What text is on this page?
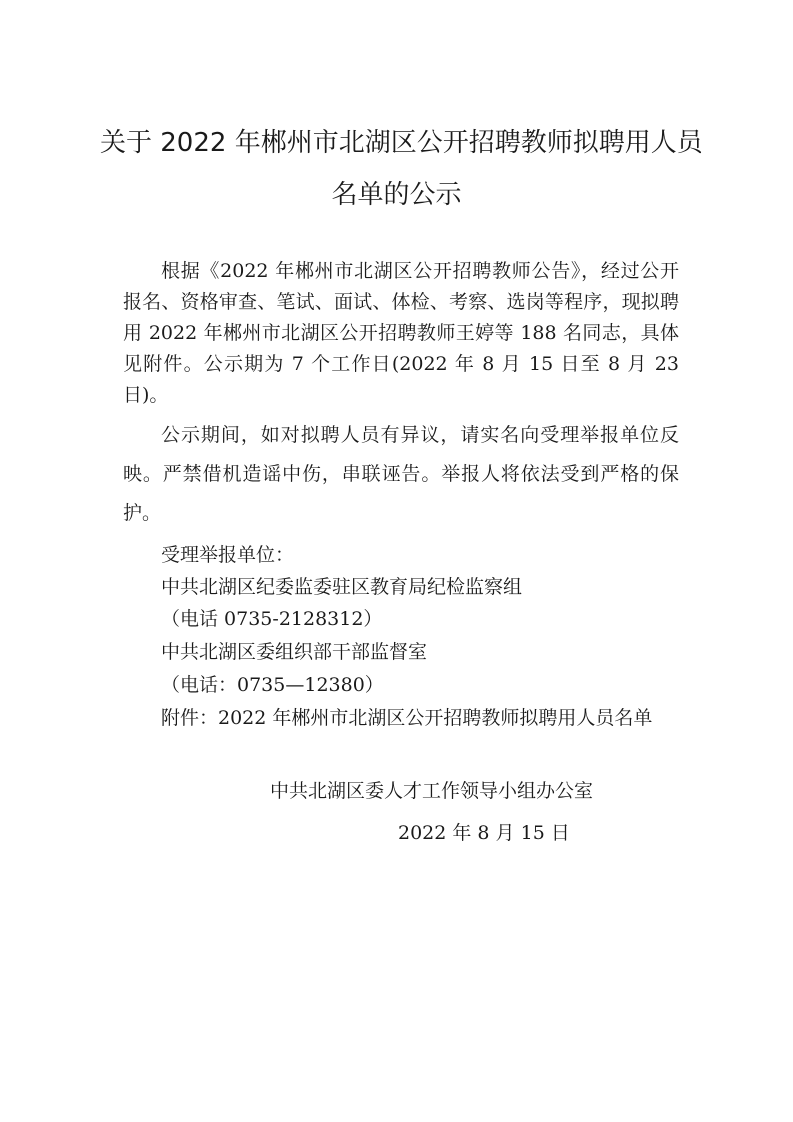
关于 2022 年郴州市北湖区公开招聘教师拟聘用人员
名单的公示

根据《2022 年郴州市北湖区公开招聘教师公告》，经过公开报名、资格审查、笔试、面试、体检、考察、选岗等程序，现拟聘用 2022 年郴州市北湖区公开招聘教师王婷等 188 名同志，具体见附件。公示期为 7 个工作日(2022 年 8 月 15 日至 8 月 23 日)。

公示期间，如对拟聘人员有异议，请实名向受理举报单位反映。严禁借机造谣中伤，串联诬告。举报人将依法受到严格的保护。

受理举报单位：

中共北湖区纪委监委驻区教育局纪检监察组

（电话 0735-2128312）

中共北湖区委组织部干部监督室

（电话：0735—12380）

附件：2022 年郴州市北湖区公开招聘教师拟聘用人员名单

中共北湖区委人才工作领导小组办公室

2022 年 8 月 15 日
